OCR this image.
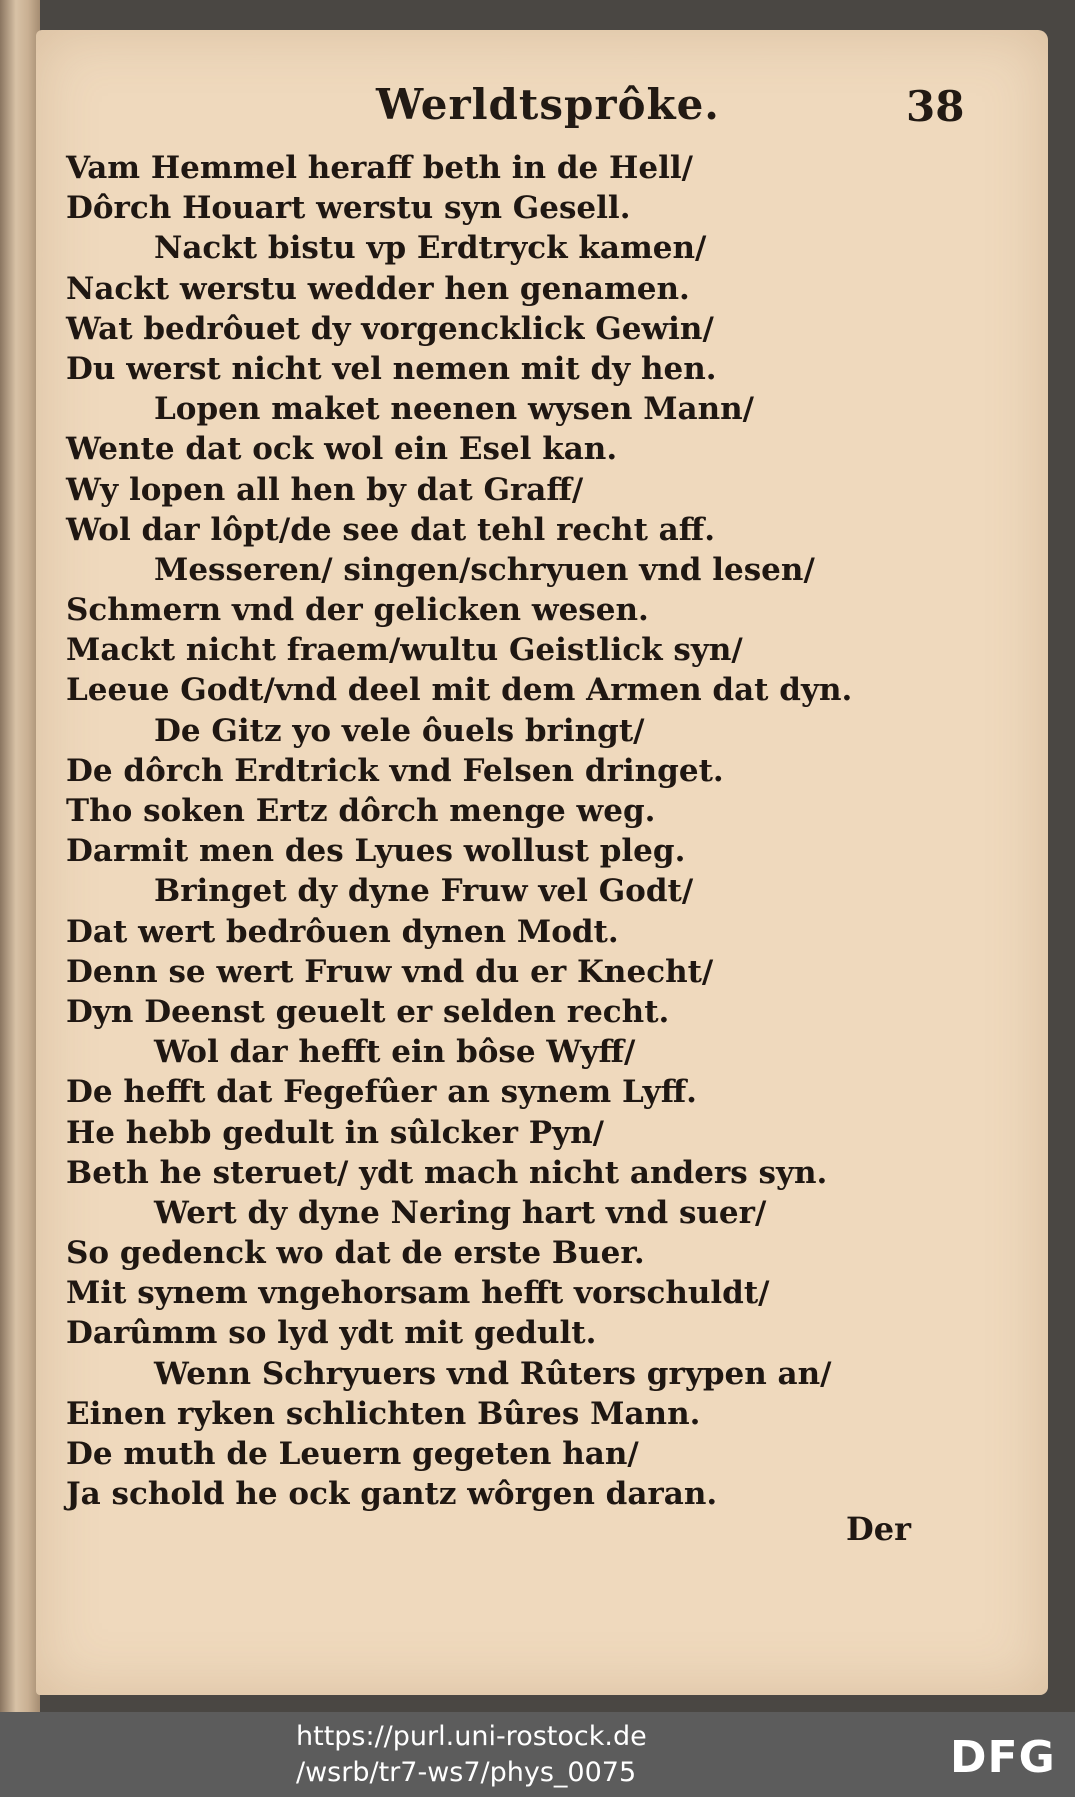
Werldtsprôke.	38
Vam Hemmel heraff beth in de Hell/
Dôrch Houart werstu syn Gesell.
Nackt bistu vp Erdtryck kamen/
Nackt werstu wedder hen genamen.
Wat bedrôuet dy vorgencklick Gewin/
Du werst nicht vel nemen mit dy hen.
Lopen maket neenen wysen Mann/
Wente dat ock wol ein Esel kan.
Wy lopen all hen by dat Graff/
Wol dar lôpt/de see dat tehl recht aff.
Messeren/ singen/schryuen vnd lesen/
Schmern vnd der gelicken wesen.
Mackt nicht fraem/wultu Geistlick syn/
Leeue Godt/vnd deel mit dem Armen dat dyn.
De Gitz yo vele ôuels bringt/
De dôrch Erdtrick vnd Felsen dringet.
Tho soken Ertz dôrch menge weg.
Darmit men des Lyues wollust pleg.
Bringet dy dyne Fruw vel Godt/
Dat wert bedrôuen dynen Modt.
Denn se wert Fruw vnd du er Knecht/
Dyn Deenst geuelt er selden recht.
Wol dar hefft ein bôse Wyff/
De hefft dat Fegefûer an synem Lyff.
He hebb gedult in sûlcker Pyn/
Beth he steruet/ ydt mach nicht anders syn.
Wert dy dyne Nering hart vnd suer/
So gedenck wo dat de erste Buer.
Mit synem vngehorsam hefft vorschuldt/
Darûmm so lyd ydt mit gedult.
Wenn Schryuers vnd Rûters grypen an/
Einen ryken schlichten Bûres Mann.
De muth de Leuern gegeten han/
Ja schold he ock gantz wôrgen daran.
Der
https://purl.uni-rostock.de
/wsrb/tr7-ws7/phys_0075	DFG
